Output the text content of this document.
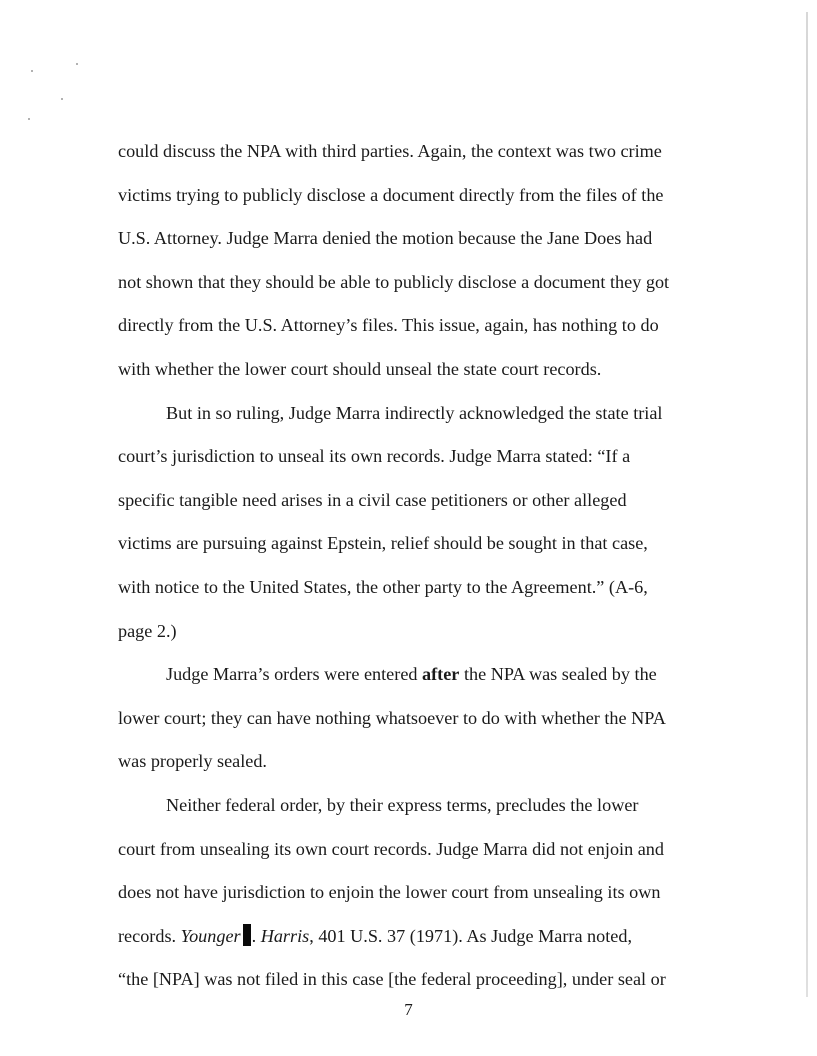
could discuss the NPA with third parties. Again, the context was two crime
victims trying to publicly disclose a document directly from the files of the
U.S. Attorney. Judge Marra denied the motion because the Jane Does had
not shown that they should be able to publicly disclose a document they got
directly from the U.S. Attorney’s files. This issue, again, has nothing to do
with whether the lower court should unseal the state court records.
But in so ruling, Judge Marra indirectly acknowledged the state trial
court’s jurisdiction to unseal its own records. Judge Marra stated: “If a
specific tangible need arises in a civil case petitioners or other alleged
victims are pursuing against Epstein, relief should be sought in that case,
with notice to the United States, the other party to the Agreement.” (A-6,
page 2.)
Judge Marra’s orders were entered after the NPA was sealed by the
lower court; they can have nothing whatsoever to do with whether the NPA
was properly sealed.
Neither federal order, by their express terms, precludes the lower
court from unsealing its own court records. Judge Marra did not enjoin and
does not have jurisdiction to enjoin the lower court from unsealing its own
records. Younger . Harris, 401 U.S. 37 (1971). As Judge Marra noted,
“the [NPA] was not filed in this case [the federal proceeding], under seal or
7
